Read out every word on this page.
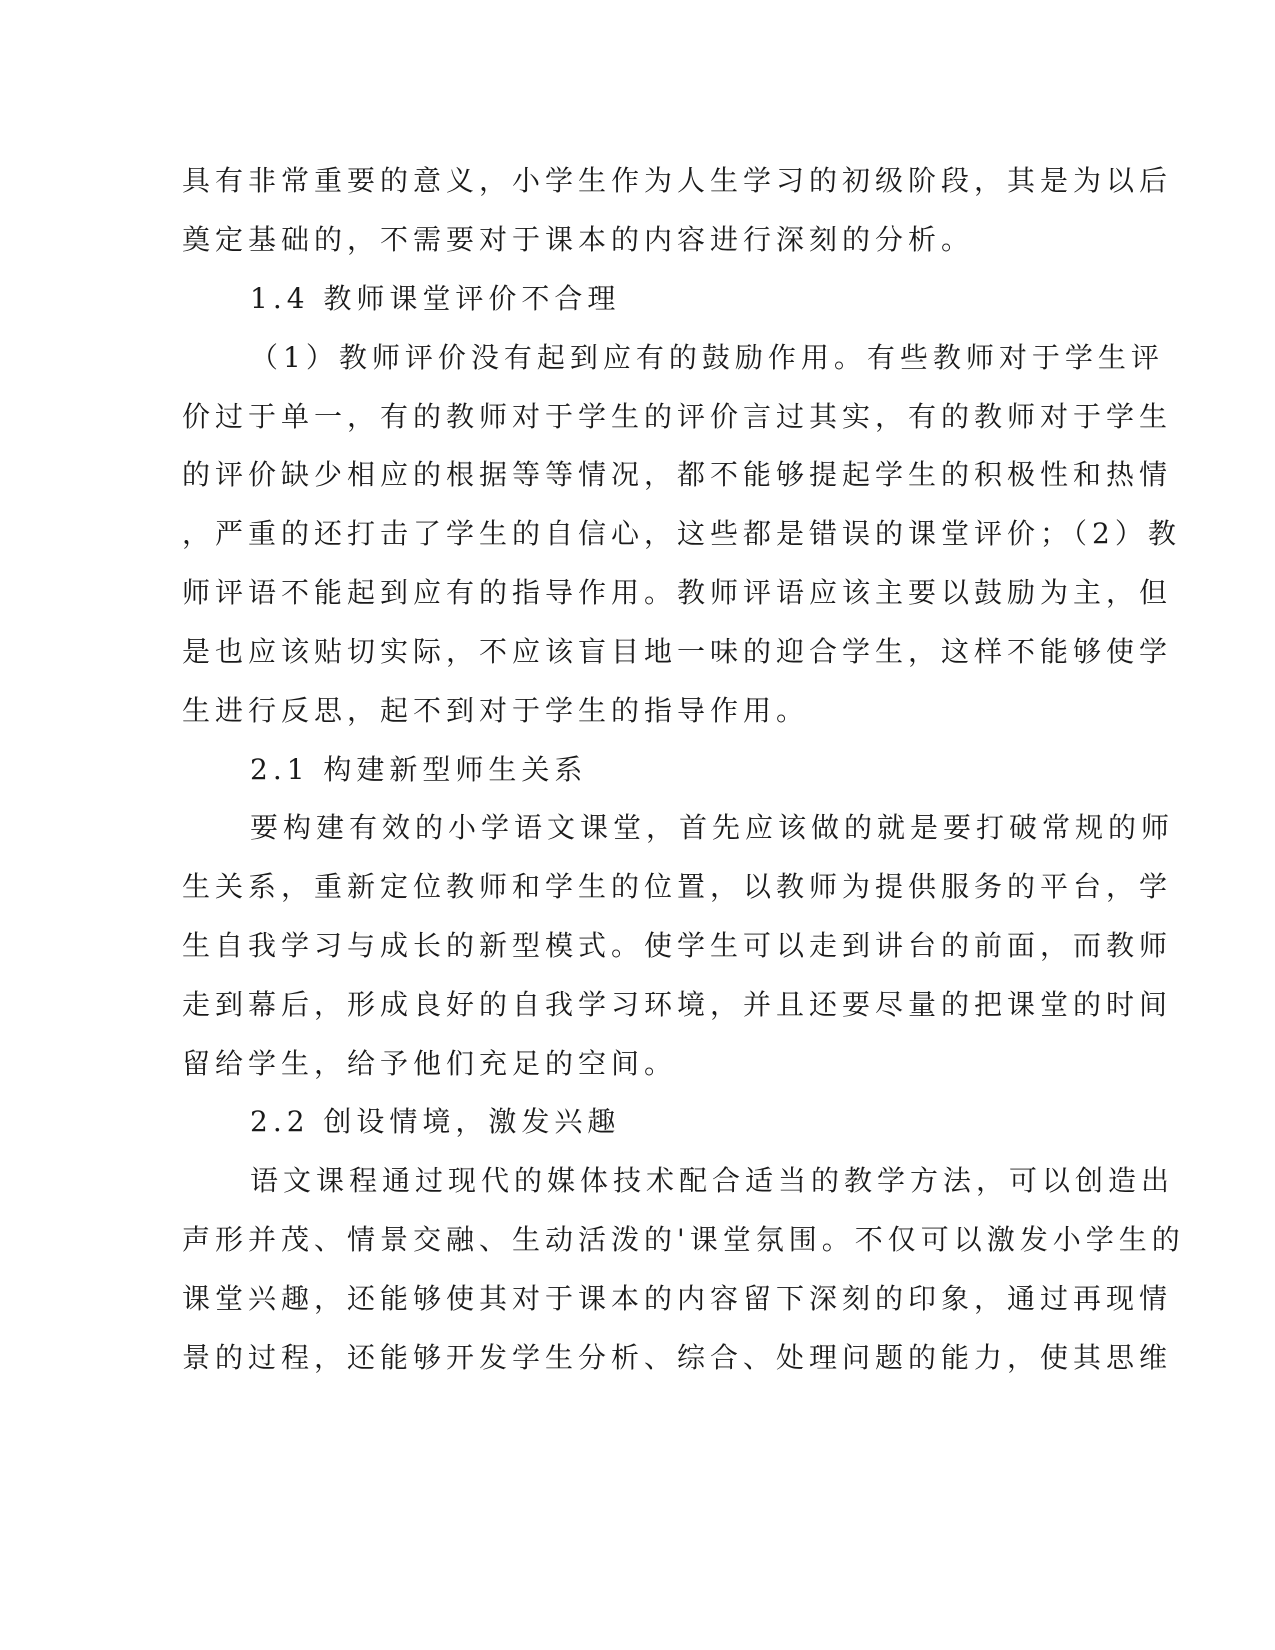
具有非常重要的意义，小学生作为人生学习的初级阶段，其是为以后
奠定基础的，不需要对于课本的内容进行深刻的分析。
1.4 教师课堂评价不合理
（1）教师评价没有起到应有的鼓励作用。有些教师对于学生评
价过于单一，有的教师对于学生的评价言过其实，有的教师对于学生
的评价缺少相应的根据等等情况，都不能够提起学生的积极性和热情
，严重的还打击了学生的自信心，这些都是错误的课堂评价；（2）教
师评语不能起到应有的指导作用。教师评语应该主要以鼓励为主，但
是也应该贴切实际，不应该盲目地一味的迎合学生，这样不能够使学
生进行反思，起不到对于学生的指导作用。
2.1 构建新型师生关系
要构建有效的小学语文课堂，首先应该做的就是要打破常规的师
生关系，重新定位教师和学生的位置，以教师为提供服务的平台，学
生自我学习与成长的新型模式。使学生可以走到讲台的前面，而教师
走到幕后，形成良好的自我学习环境，并且还要尽量的把课堂的时间
留给学生，给予他们充足的空间。
2.2 创设情境，激发兴趣
语文课程通过现代的媒体技术配合适当的教学方法，可以创造出
声形并茂、情景交融、生动活泼的'课堂氛围。不仅可以激发小学生的
课堂兴趣，还能够使其对于课本的内容留下深刻的印象，通过再现情
景的过程，还能够开发学生分析、综合、处理问题的能力，使其思维
